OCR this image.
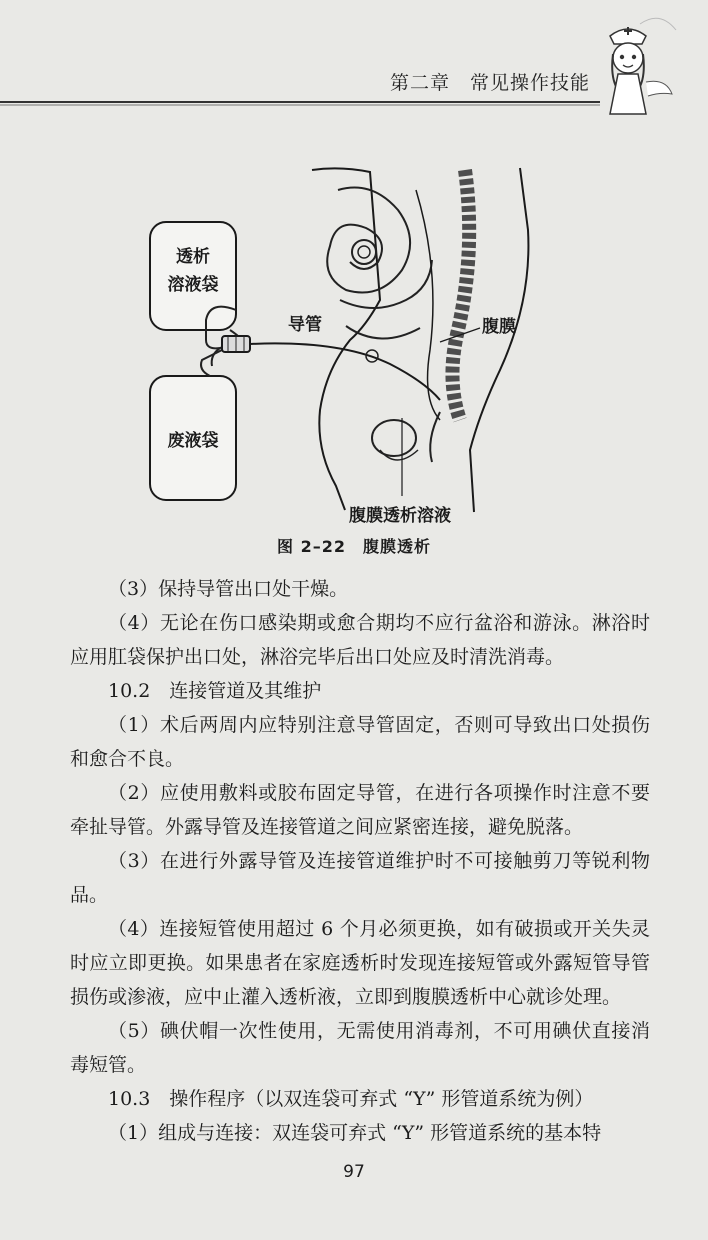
第二章　常见操作技能
透析
溶液袋
废液袋
导管	腹膜
腹膜透析溶液
图 2–22　腹膜透析

（3）保持导管出口处干燥。

（4）无论在伤口感染期或愈合期均不应行盆浴和游泳。淋浴时应用肛袋保护出口处，淋浴完毕后出口处应及时清洗消毒。

10.2　连接管道及其维护

（1）术后两周内应特别注意导管固定，否则可导致出口处损伤和愈合不良。

（2）应使用敷料或胶布固定导管，在进行各项操作时注意不要牵扯导管。外露导管及连接管道之间应紧密连接，避免脱落。

（3）在进行外露导管及连接管道维护时不可接触剪刀等锐利物品。

（4）连接短管使用超过 6 个月必须更换，如有破损或开关失灵时应立即更换。如果患者在家庭透析时发现连接短管或外露短管导管损伤或渗液，应中止灌入透析液，立即到腹膜透析中心就诊处理。

（5）碘伏帽一次性使用，无需使用消毒剂，不可用碘伏直接消毒短管。

10.3　操作程序（以双连袋可弃式 “Y” 形管道系统为例）

（1）组成与连接：双连袋可弃式 “Y” 形管道系统的基本特

97
